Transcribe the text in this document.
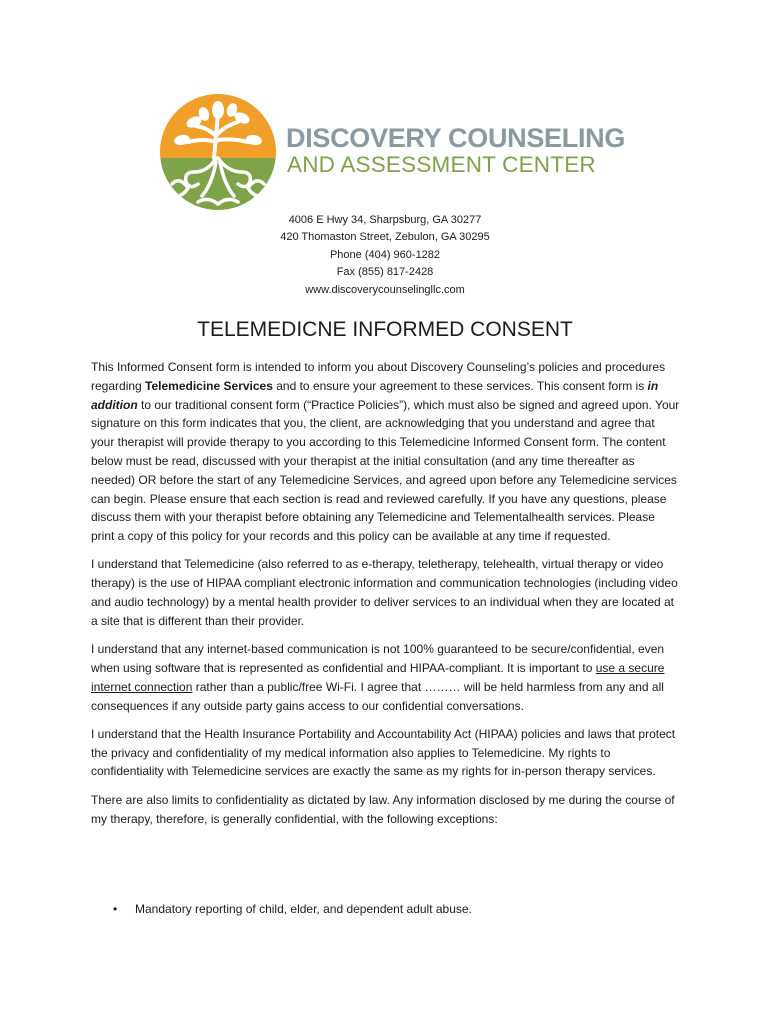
DISCOVERY COUNSELING
AND ASSESSMENT CENTER
4006 E Hwy 34, Sharpsburg, GA 30277
420 Thomaston Street, Zebulon, GA 30295
Phone (404) 960-1282
Fax (855) 817-2428
www.discoverycounselingllc.com
TELEMEDICNE INFORMED CONSENT

This Informed Consent form is intended to inform you about Discovery Counseling’s policies and procedures regarding Telemedicine Services and to ensure your agreement to these services. This consent form is in addition to our traditional consent form (“Practice Policies”), which must also be signed and agreed upon. Your signature on this form indicates that you, the client, are acknowledging that you understand and agree that your therapist will provide therapy to you according to this Telemedicine Informed Consent form. The content below must be read, discussed with your therapist at the initial consultation (and any time thereafter as needed) OR before the start of any Telemedicine Services, and agreed upon before any Telemedicine services can begin. Please ensure that each section is read and reviewed carefully. If you have any questions, please discuss them with your therapist before obtaining any Telemedicine and Telementalhealth services. Please print a copy of this policy for your records and this policy can be available at any time if requested.

I understand that Telemedicine (also referred to as e-therapy, teletherapy, telehealth, virtual therapy or video therapy) is the use of HIPAA compliant electronic information and communication technologies (including video and audio technology) by a mental health provider to deliver services to an individual when they are located at a site that is different than their provider.

I understand that any internet-based communication is not 100% guaranteed to be secure/confidential, even when using software that is represented as confidential and HIPAA-compliant. It is important to use a secure internet connection rather than a public/free Wi-Fi. I agree that ……… will be held harmless from any and all consequences if any outside party gains access to our confidential conversations.

I understand that the Health Insurance Portability and Accountability Act (HIPAA) policies and laws that protect the privacy and confidentiality of my medical information also applies to Telemedicine. My rights to confidentiality with Telemedicine services are exactly the same as my rights for in-person therapy services.

There are also limits to confidentiality as dictated by law. Any information disclosed by me during the course of my therapy, therefore, is generally confidential, with the following exceptions:

• Mandatory reporting of child, elder, and dependent adult abuse.
